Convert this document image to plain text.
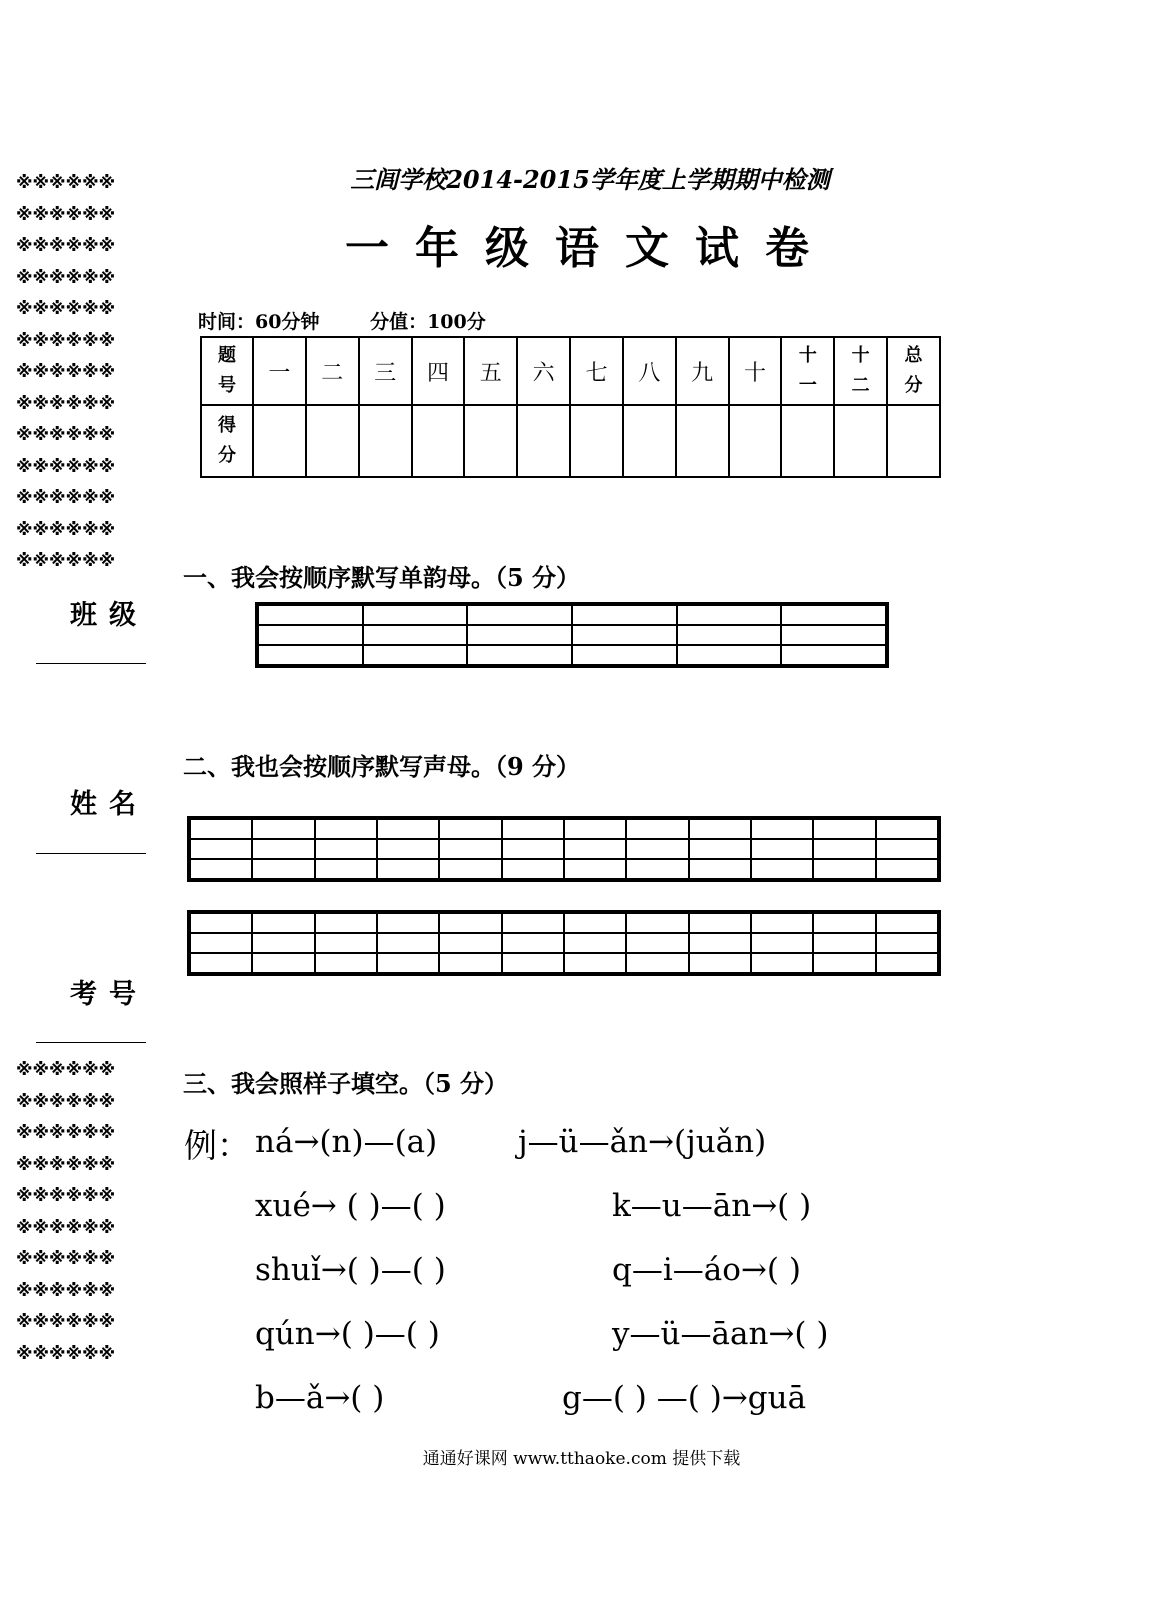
※※※※※※
※※※※※※
※※※※※※
※※※※※※
※※※※※※
※※※※※※
※※※※※※
※※※※※※
※※※※※※
※※※※※※
※※※※※※
※※※※※※
※※※※※※
班级
姓名
考号
※※※※※※
※※※※※※
※※※※※※
※※※※※※
※※※※※※
※※※※※※
※※※※※※
※※※※※※
※※※※※※
※※※※※※
三闾学校2014-2015学年度上学期期中检测
一年级语文试卷
时间：60分钟	分值：100分
题号	一	二	三	四	五	六	七	八	九	十	十一	十二	总分
得分													
一、我会按顺序默写单韵母。（5 分）
二、我也会按顺序默写声母。（9 分）
三、我会照样子填空。（5 分）
例： ná→(n)—(a)	j—ü—ǎn→(juǎn)
xué→ ( )—( )	k—u—ān→( )
shuǐ→( )—( )	q—i—áo→( )
qún→( )—( )	y—ü—āan→( )
b—ǎ→( )	g—( ) —( )→guā
通通好课网 www.tthaoke.com 提供下载
